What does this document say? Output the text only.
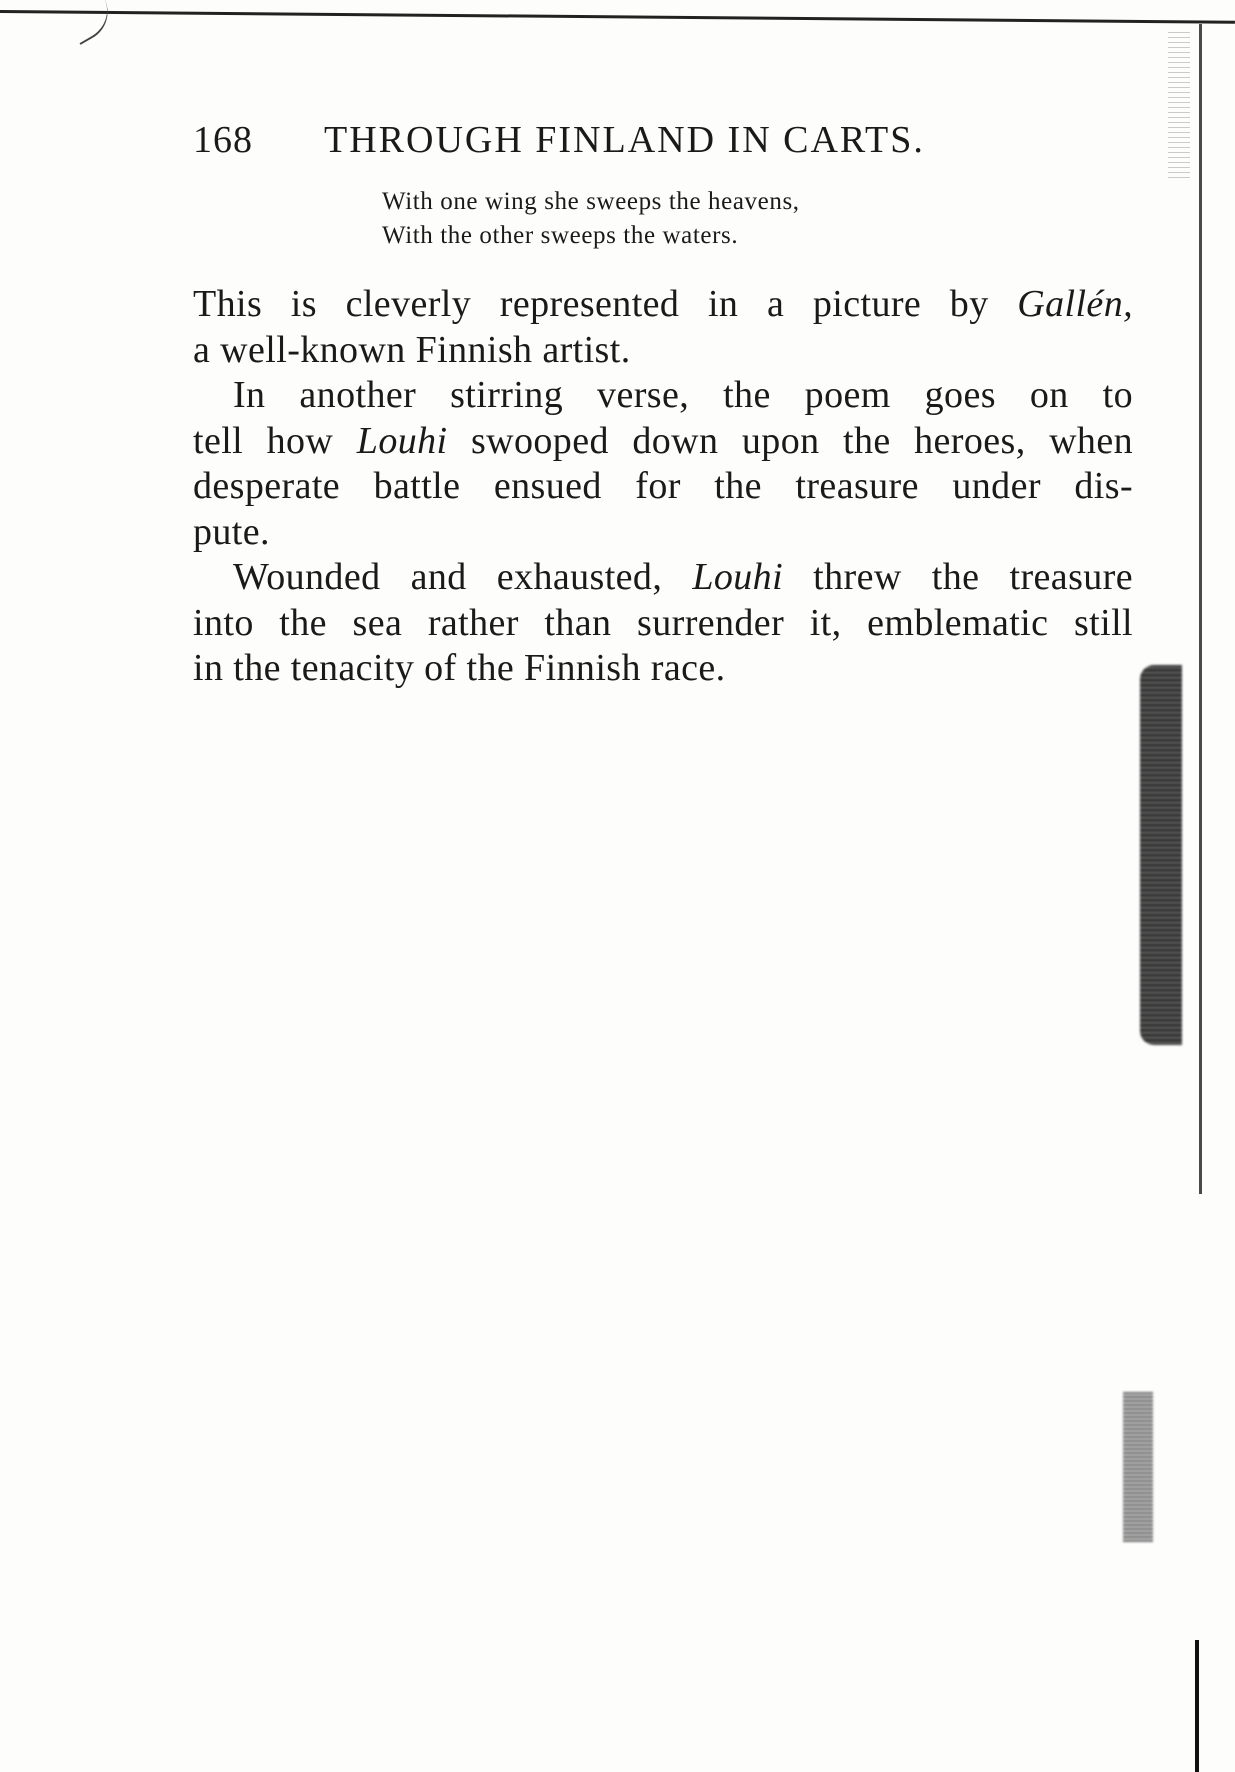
168 THROUGH FINLAND IN CARTS.
With one wing she sweeps the heavens,
With the other sweeps the waters.

This is cleverly represented in a picture by Gallén,
a well-known Finnish artist.

In another stirring verse, the poem goes on to
tell how Louhi swooped down upon the heroes, when
desperate battle ensued for the treasure under dis-
pute.

Wounded and exhausted, Louhi threw the treasure
into the sea rather than surrender it, emblematic still
in the tenacity of the Finnish race.
